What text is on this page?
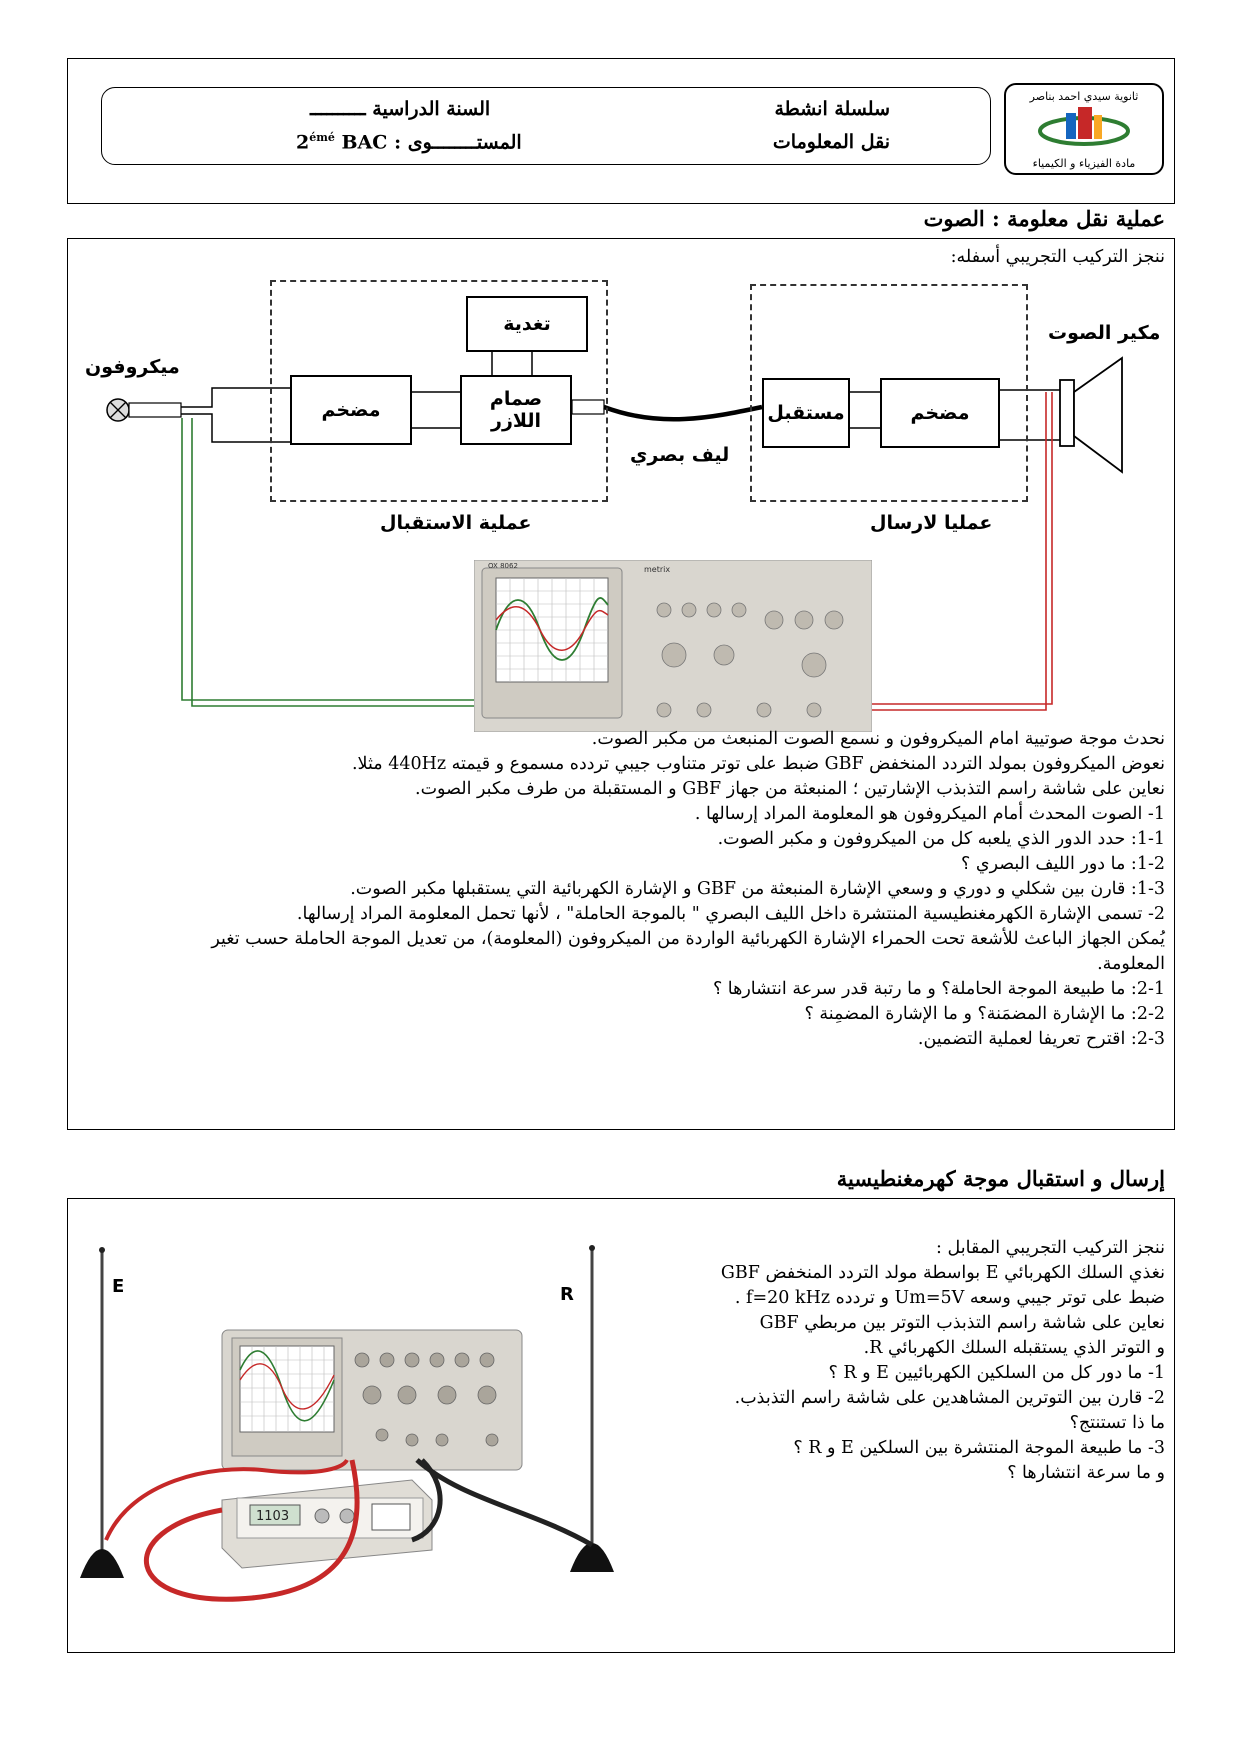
السنة الدراسية ــــــــــ
$2^{émé}$ BAC المستــــــــوى :
سلسلة انشطة
نقل المعلومات
ثانوية سيدي احمد بناصر
مادة الفيزياء و الكيمياء
عملية نقل معلومة : الصوت
ننجز التركيب التجريبي أسفله:
تغدية
مضخم	صمام
اللازر	مستقبل	مضخم
ميكروفون
مكير الصوت
ليف بصري
عملية الاستقبال	عمليا لارسال
OX 8062	metrix
نحدث موجة صوتيية امام الميكروفون و نسمع الصوت المنبعث من مكبر الصوت.
نعوض الميكروفون بمولد التردد المنخفض GBF ضبط على توتر متناوب جيبي تردده مسموع و قيمته 440Hz مثلا.
نعاين على شاشة راسم التذبذب الإشارتين ؛ المنبعثة من جهاز GBF و المستقبلة من طرف مكبر الصوت.
1- الصوت المحدث أمام الميكروفون هو المعلومة المراد إرسالها .
1-1: حدد الدور الذي يلعبه كل من الميكروفون و مكبر الصوت.
1-2: ما دور الليف البصري ؟
1-3: قارن بين شكلي و دوري و وسعي الإشارة المنبعثة من GBF و الإشارة الكهربائية التي يستقبلها مكبر الصوت.
2- تسمى الإشارة الكهرمغنطيسية المنتشرة داخل الليف البصري " بالموجة الحاملة" ، لأنها تحمل المعلومة المراد إرسالها.
يُمكن الجهاز الباعث للأشعة تحت الحمراء الإشارة الكهربائية الواردة من الميكروفون (المعلومة)، من تعديل الموجة الحاملة حسب تغير
المعلومة.
2-1: ما طبيعة الموجة الحاملة؟ و ما رتبة قدر سرعة انتشارها ؟
2-2: ما الإشارة المضمَنة؟ و ما الإشارة المضمِنة ؟
2-3: اقترح تعريفا لعملية التضمين.
إرسال و استقبال موجة كهرمغنطيسية
E	R
1103
ننجز التركيب التجريبي المقابل :
نغذي السلك الكهربائي E بواسطة مولد التردد المنخفض GBF
ضبط على توتر جيبي وسعه Um=5V و تردده f=20 kHz .
نعاين على شاشة راسم التذبذب التوتر بين مربطي GBF
و التوتر الذي يستقبله السلك الكهربائي R.
1- ما دور كل من السلكين الكهربائيين E و R ؟
2- قارن بين التوترين المشاهدين على شاشة راسم التذبذب.
ما ذا تستنتج؟
3- ما طبيعة الموجة المنتشرة بين السلكين E و R ؟
و ما سرعة انتشارها ؟
